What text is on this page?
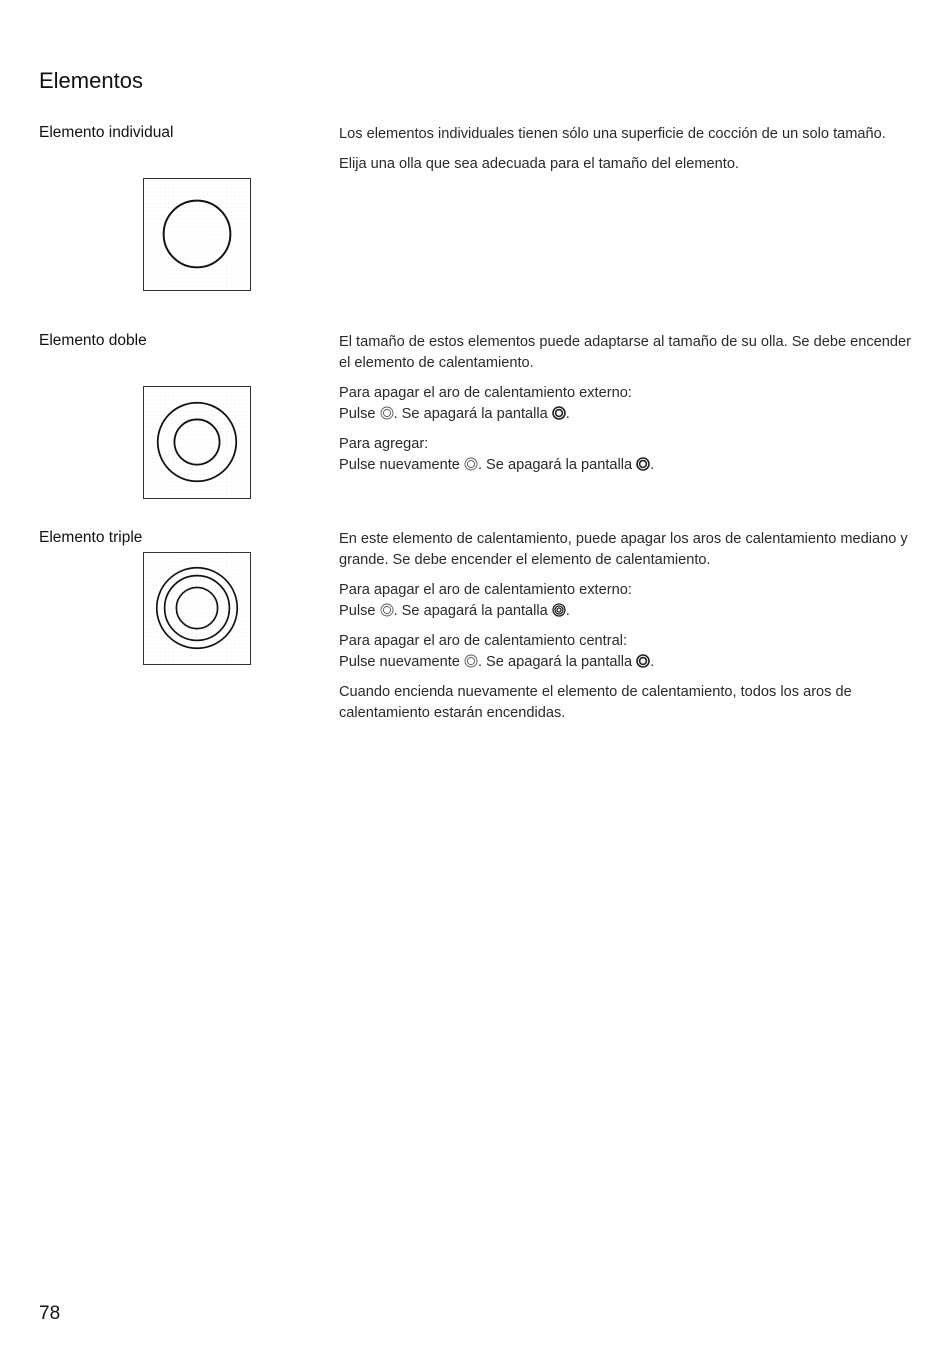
Elementos
Elemento individual	Los elementos individuales tienen sólo una superficie de cocción de un solo tamaño.

Elija una olla que sea adecuada para el tamaño del elemento.

Elemento doble	El tamaño de estos elementos puede adaptarse al tamaño de su olla. Se debe encender el elemento de calentamiento.

Para apagar el aro de calentamiento externo:
Pulse . Se apagará la pantalla .

Para agregar:
Pulse nuevamente . Se apagará la pantalla .

Elemento triple	En este elemento de calentamiento, puede apagar los aros de calentamiento mediano y grande. Se debe encender el elemento de calentamiento.

Para apagar el aro de calentamiento externo:
Pulse . Se apagará la pantalla .

Para apagar el aro de calentamiento central:
Pulse nuevamente . Se apagará la pantalla .

Cuando encienda nuevamente el elemento de calentamiento, todos los aros de calentamiento estarán encendidas.

78
